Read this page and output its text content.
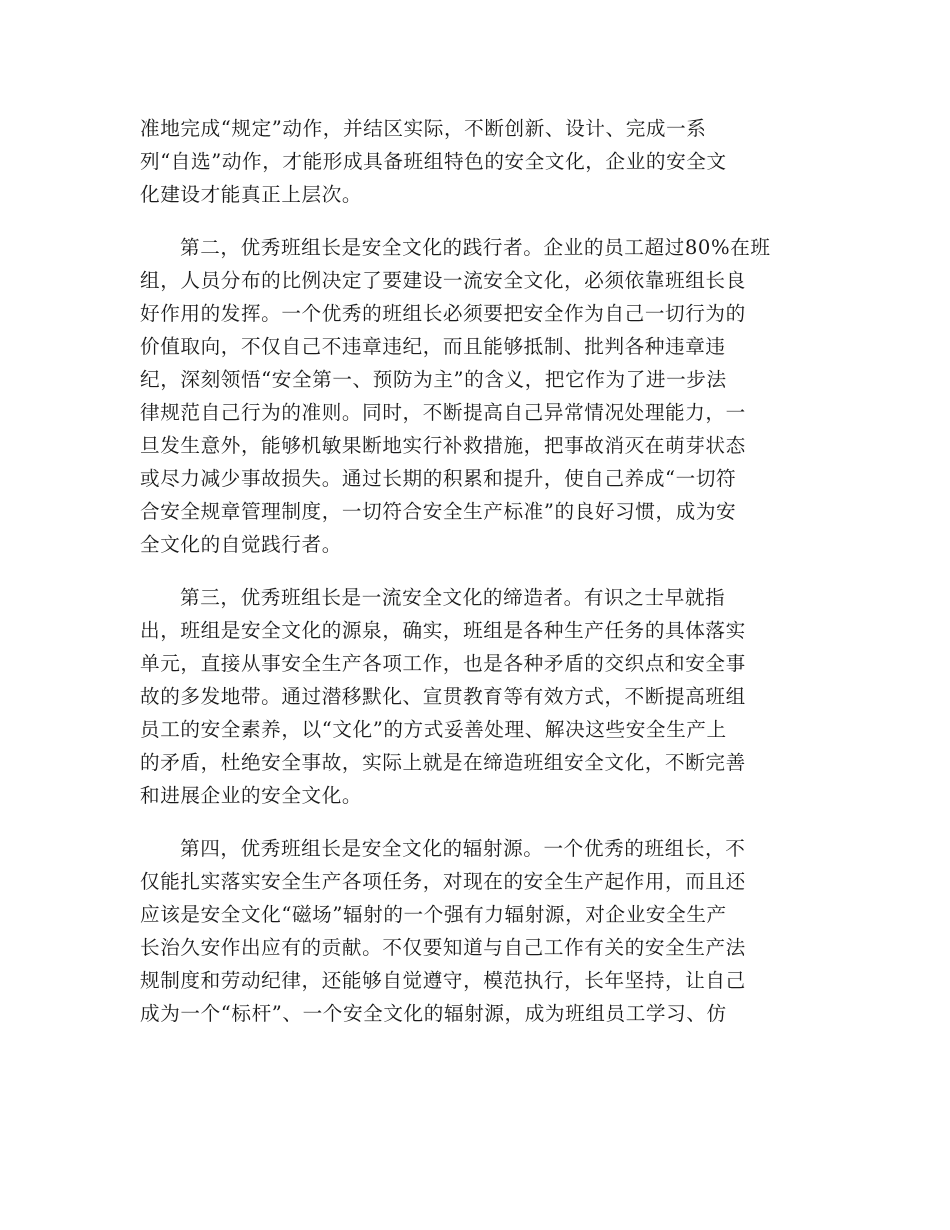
准地完成“规定”动作，并结区实际，不断创新、设计、完成一系
列“自选”动作，才能形成具备班组特色的安全文化，企业的安全文
化建设才能真正上层次。
第二，优秀班组长是安全文化的践行者。企业的员工超过80%在班
组，人员分布的比例决定了要建设一流安全文化，必须依靠班组长良
好作用的发挥。一个优秀的班组长必须要把安全作为自己一切行为的
价值取向，不仅自己不违章违纪，而且能够抵制、批判各种违章违
纪，深刻领悟“安全第一、预防为主”的含义，把它作为了进一步法
律规范自己行为的准则。同时，不断提高自己异常情况处理能力，一
旦发生意外，能够机敏果断地实行补救措施，把事故消灭在萌芽状态
或尽力减少事故损失。通过长期的积累和提升，使自己养成“一切符
合安全规章管理制度，一切符合安全生产标准”的良好习惯，成为安
全文化的自觉践行者。
第三，优秀班组长是一流安全文化的缔造者。有识之士早就指
出，班组是安全文化的源泉，确实，班组是各种生产任务的具体落实
单元，直接从事安全生产各项工作，也是各种矛盾的交织点和安全事
故的多发地带。通过潜移默化、宣贯教育等有效方式，不断提高班组
员工的安全素养，以“文化”的方式妥善处理、解决这些安全生产上
的矛盾，杜绝安全事故，实际上就是在缔造班组安全文化，不断完善
和进展企业的安全文化。
第四，优秀班组长是安全文化的辐射源。一个优秀的班组长，不
仅能扎实落实安全生产各项任务，对现在的安全生产起作用，而且还
应该是安全文化“磁场”辐射的一个强有力辐射源，对企业安全生产
长治久安作出应有的贡献。不仅要知道与自己工作有关的安全生产法
规制度和劳动纪律，还能够自觉遵守，模范执行，长年坚持，让自己
成为一个“标杆”、一个安全文化的辐射源，成为班组员工学习、仿
